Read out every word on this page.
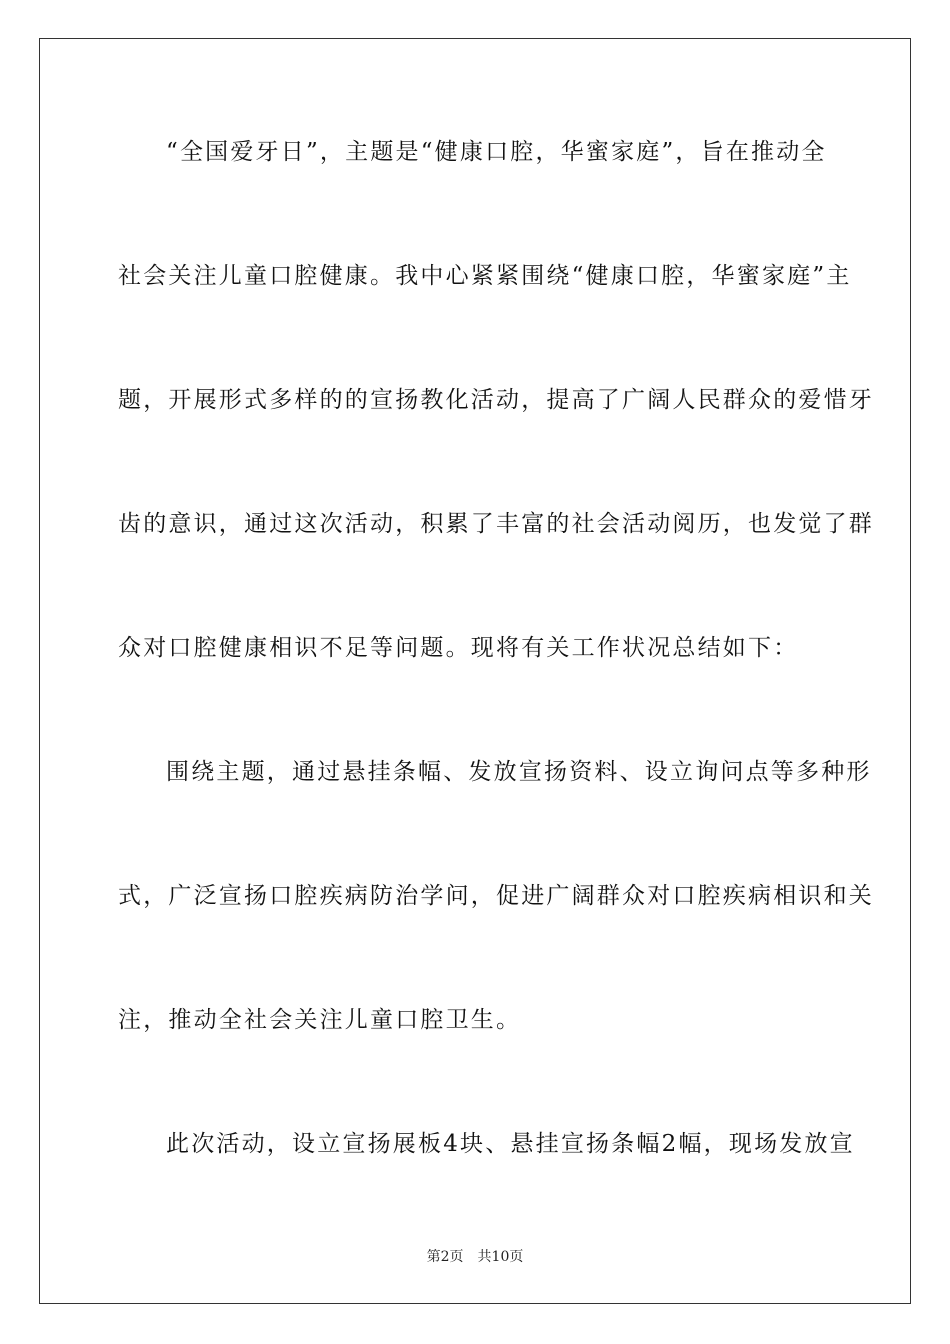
“全国爱牙日”，主题是“健康口腔，华蜜家庭”，旨在推动全
社会关注儿童口腔健康。我中心紧紧围绕“健康口腔，华蜜家庭”主
题，开展形式多样的的宣扬教化活动，提高了广阔人民群众的爱惜牙
齿的意识，通过这次活动，积累了丰富的社会活动阅历，也发觉了群
众对口腔健康相识不足等问题。现将有关工作状况总结如下：
围绕主题，通过悬挂条幅、发放宣扬资料、设立询问点等多种形
式，广泛宣扬口腔疾病防治学问，促进广阔群众对口腔疾病相识和关
注，推动全社会关注儿童口腔卫生。
此次活动，设立宣扬展板4块、悬挂宣扬条幅2幅，现场发放宣
第2页　共10页
